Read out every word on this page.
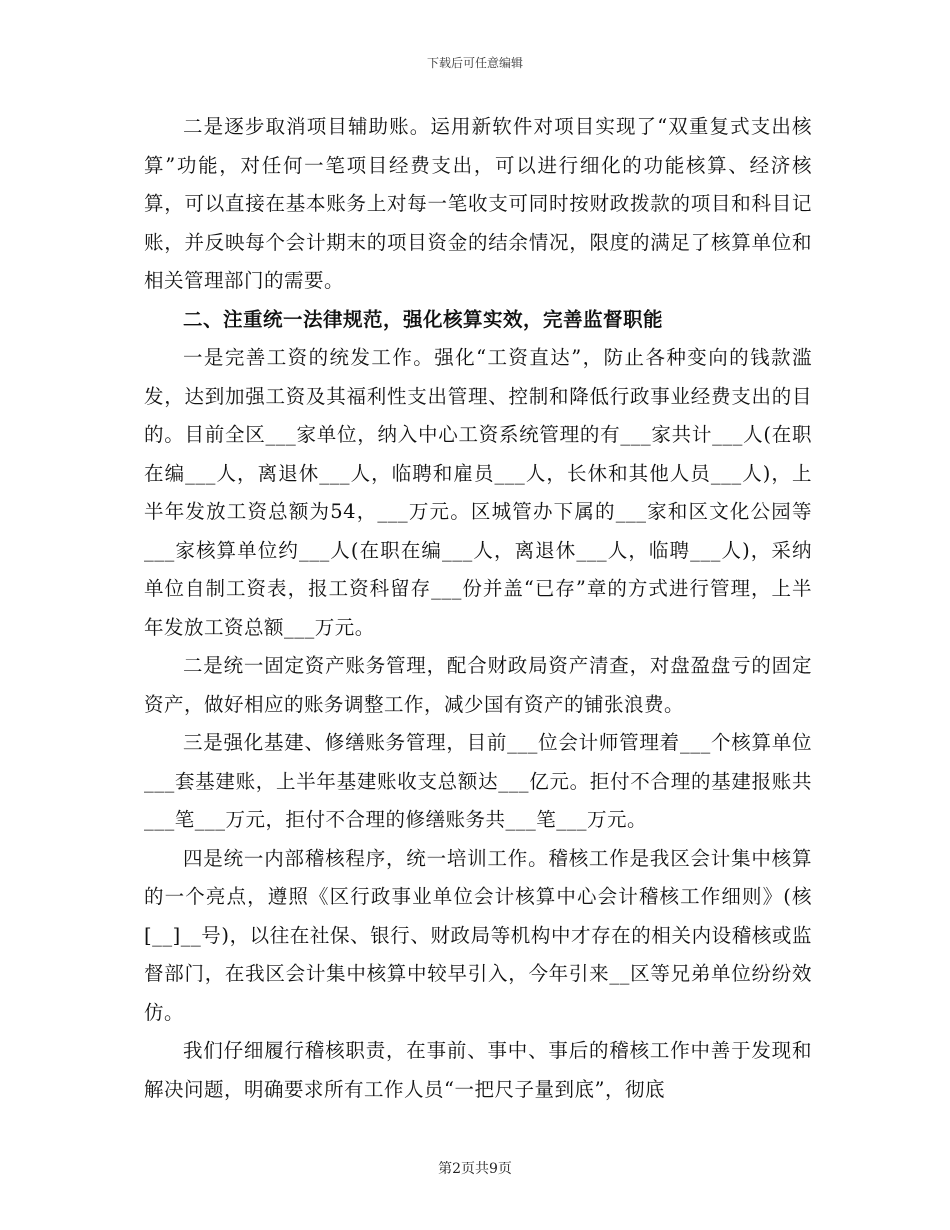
下载后可任意编辑

二是逐步取消项目辅助账。运用新软件对项目实现了“双重复式支出核算”功能，对任何一笔项目经费支出，可以进行细化的功能核算、经济核算，可以直接在基本账务上对每一笔收支可同时按财政拨款的项目和科目记账，并反映每个会计期末的项目资金的结余情况，限度的满足了核算单位和相关管理部门的需要。

二、注重统一法律规范，强化核算实效，完善监督职能

一是完善工资的统发工作。强化“工资直达”，防止各种变向的钱款滥发，达到加强工资及其福利性支出管理、控制和降低行政事业经费支出的目的。目前全区___家单位，纳入中心工资系统管理的有___家共计___人(在职在编___人，离退休___人，临聘和雇员___人，长休和其他人员___人)，上半年发放工资总额为54，___万元。区城管办下属的___家和区文化公园等___家核算单位约___人(在职在编___人，离退休___人，临聘___人)，采纳单位自制工资表，报工资科留存___份并盖“已存”章的方式进行管理，上半年发放工资总额___万元。

二是统一固定资产账务管理，配合财政局资产清查，对盘盈盘亏的固定资产，做好相应的账务调整工作，减少国有资产的铺张浪费。

三是强化基建、修缮账务管理，目前___位会计师管理着___个核算单位___套基建账，上半年基建账收支总额达___亿元。拒付不合理的基建报账共___笔___万元，拒付不合理的修缮账务共___笔___万元。

四是统一内部稽核程序，统一培训工作。稽核工作是我区会计集中核算的一个亮点，遵照《区行政事业单位会计核算中心会计稽核工作细则》(核[__]__号)，以往在社保、银行、财政局等机构中才存在的相关内设稽核或监督部门，在我区会计集中核算中较早引入，今年引来__区等兄弟单位纷纷效仿。

我们仔细履行稽核职责，在事前、事中、事后的稽核工作中善于发现和解决问题，明确要求所有工作人员“一把尺子量到底”，彻底

第2页共9页
